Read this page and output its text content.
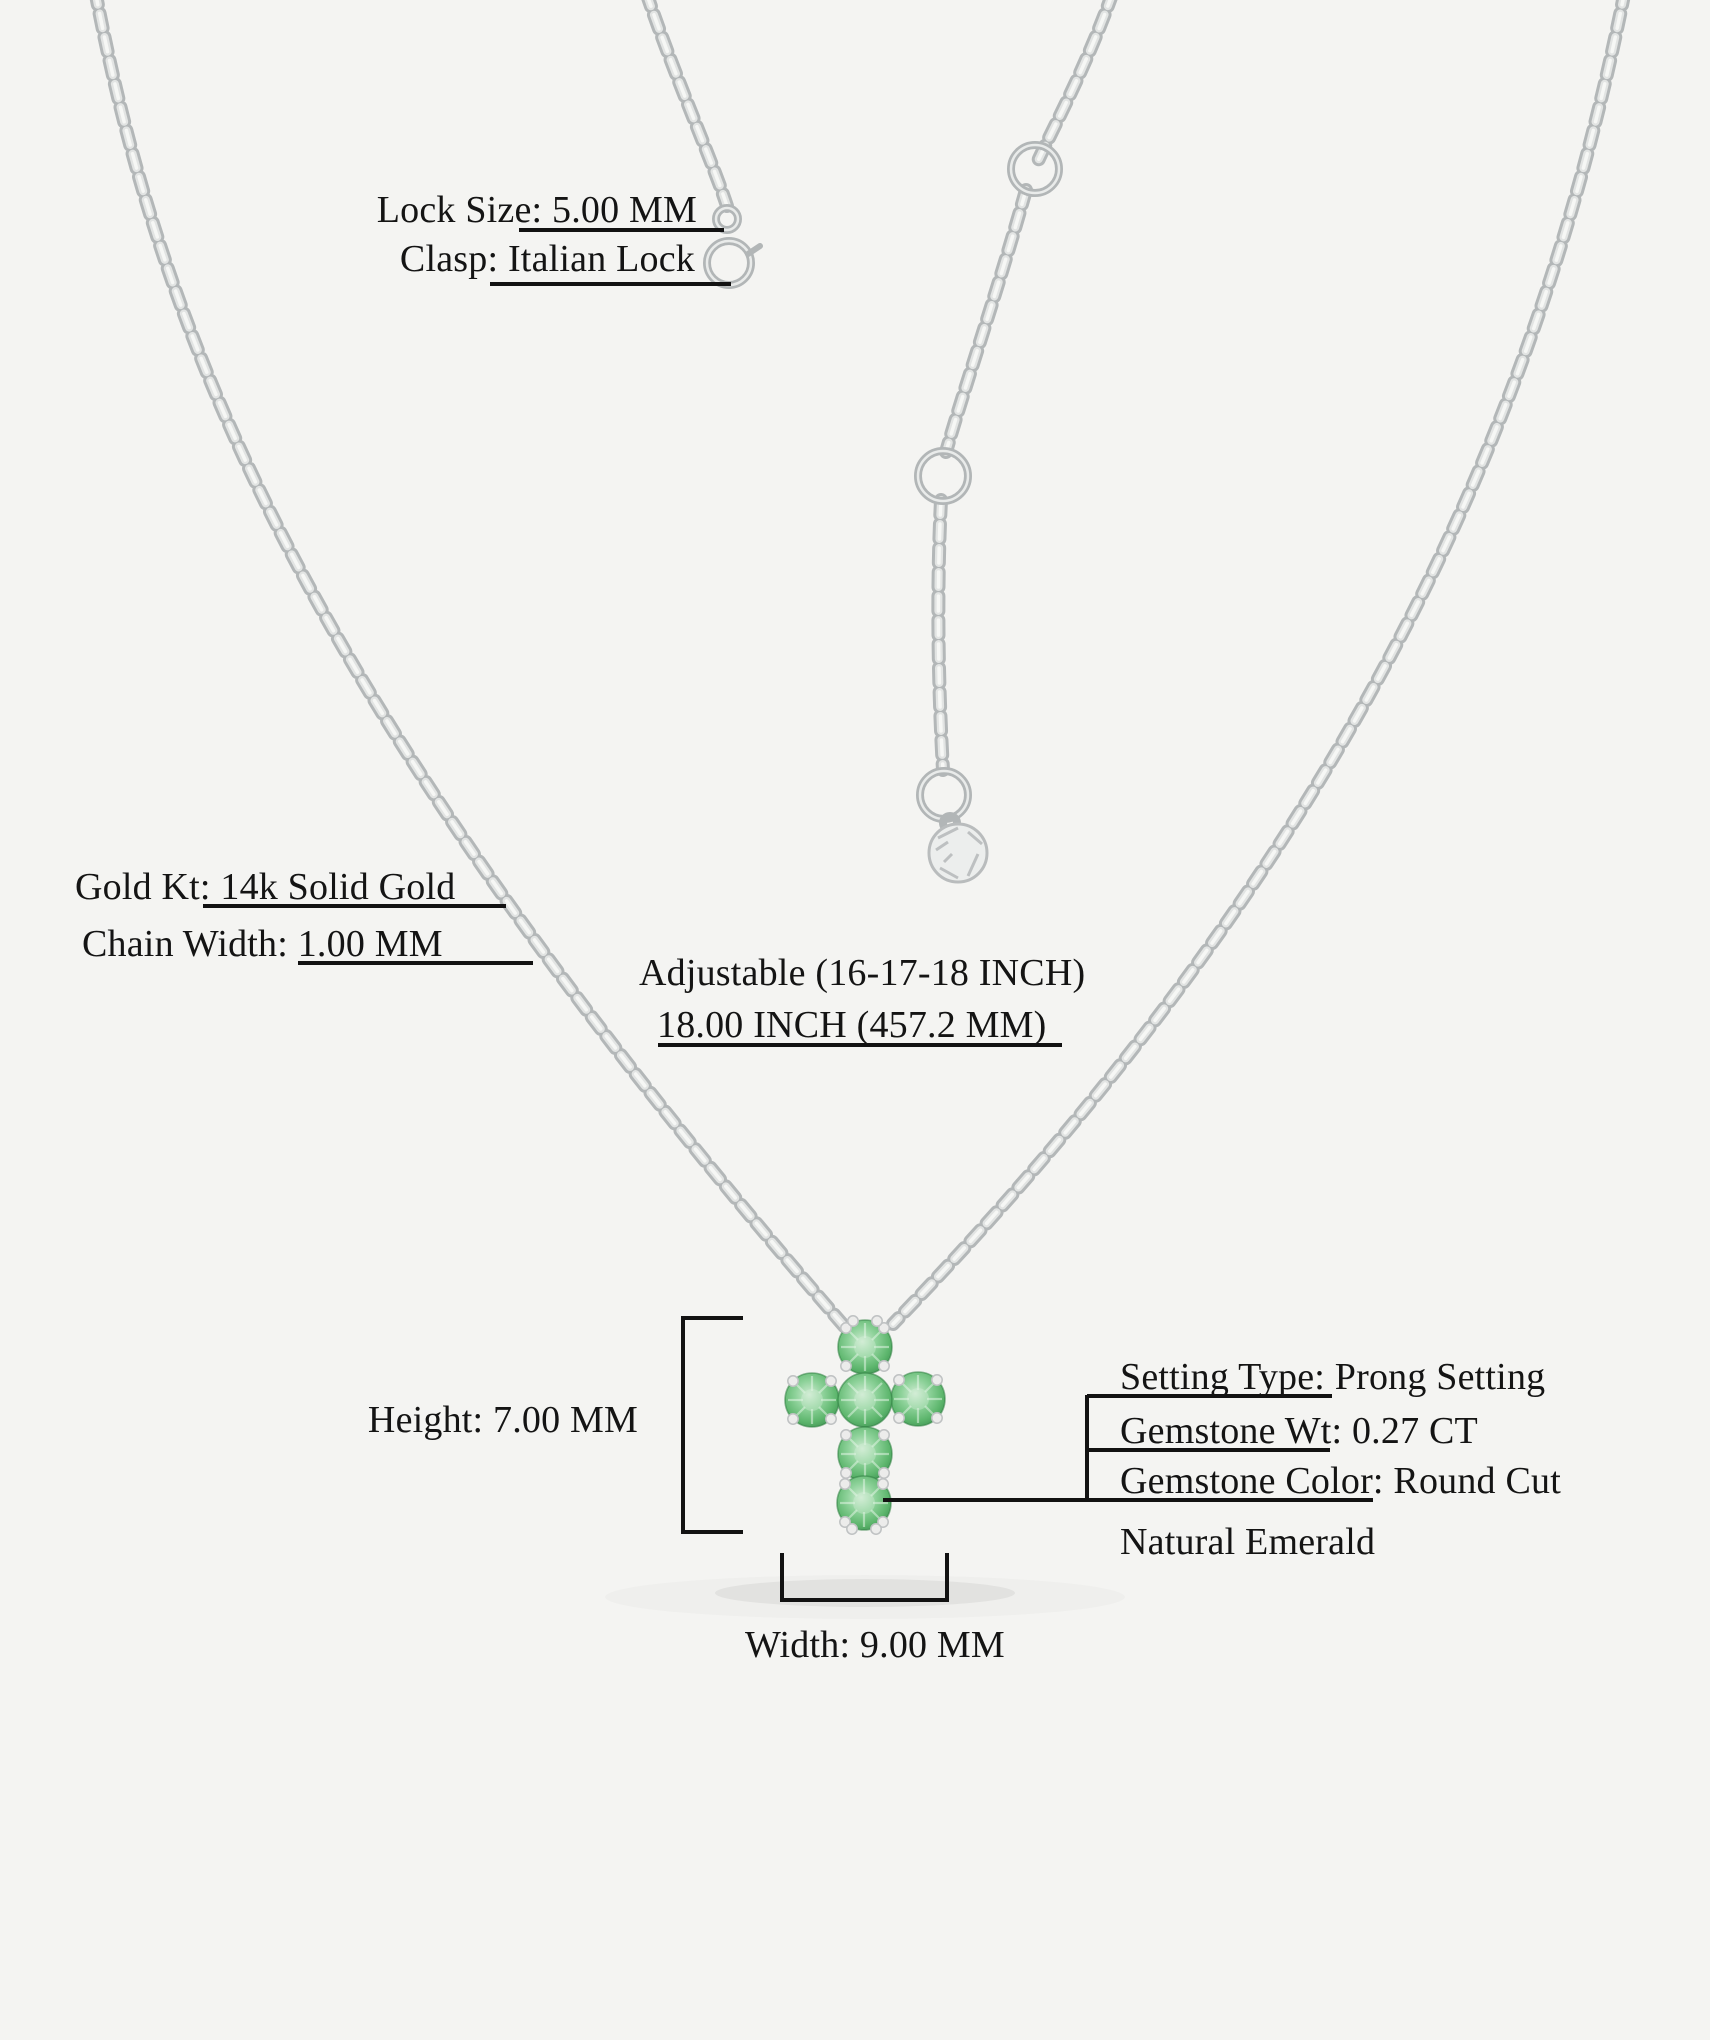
Lock Size: 5.00 MM
Clasp: Italian Lock
Gold Kt: 14k Solid Gold
Chain Width: 1.00 MM
Adjustable (16-17-18 INCH)
18.00 INCH (457.2 MM)
Height: 7.00 MM
Width: 9.00 MM
Setting Type: Prong Setting
Gemstone Wt: 0.27 CT
Gemstone Color: Round Cut
Natural Emerald
